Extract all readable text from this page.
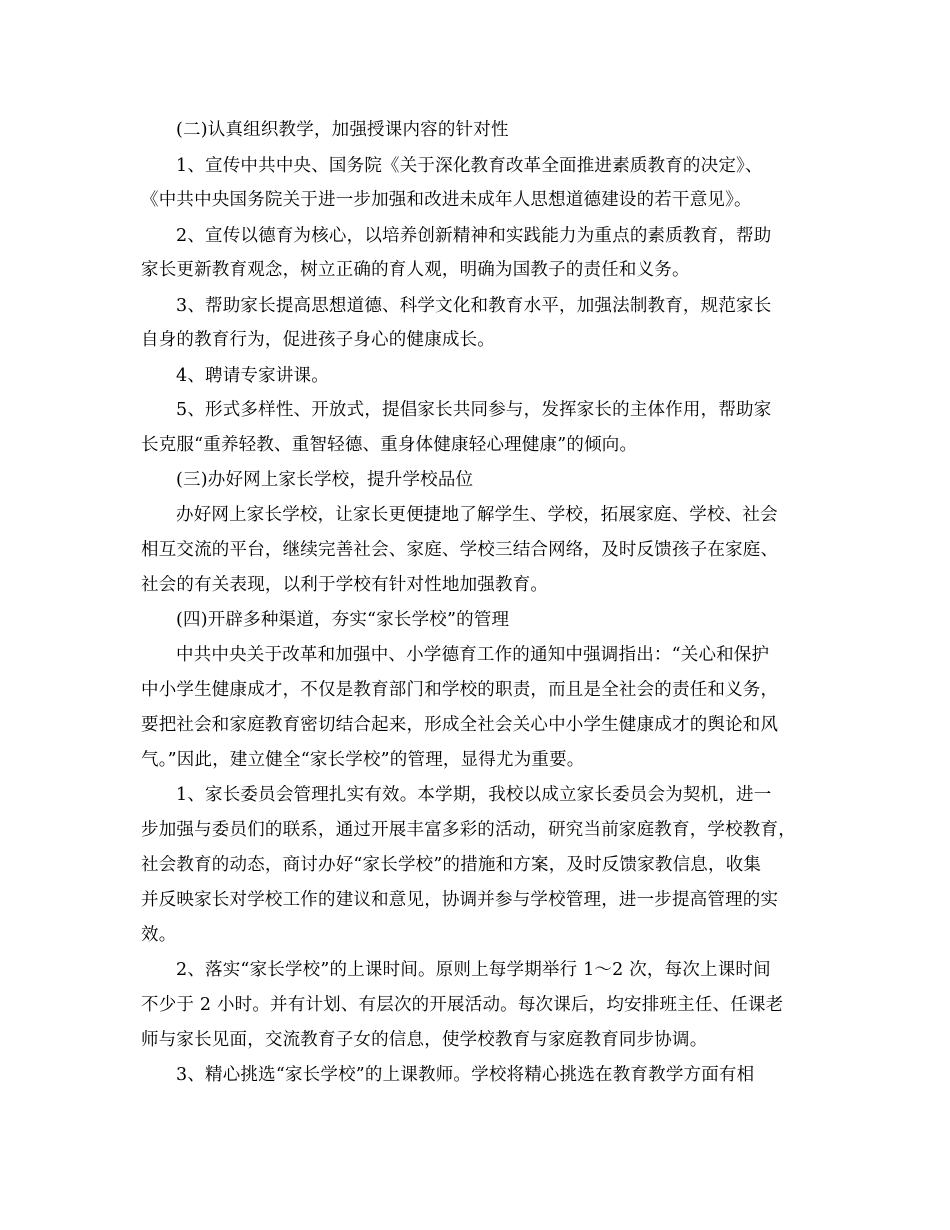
(二)认真组织教学，加强授课内容的针对性
1、宣传中共中央、国务院《关于深化教育改革全面推进素质教育的决定》、
《中共中央国务院关于进一步加强和改进未成年人思想道德建设的若干意见》。
2、宣传以德育为核心，以培养创新精神和实践能力为重点的素质教育，帮助
家长更新教育观念，树立正确的育人观，明确为国教子的责任和义务。
3、帮助家长提高思想道德、科学文化和教育水平，加强法制教育，规范家长
自身的教育行为，促进孩子身心的健康成长。
4、聘请专家讲课。
5、形式多样性、开放式，提倡家长共同参与，发挥家长的主体作用，帮助家
长克服“重养轻教、重智轻德、重身体健康轻心理健康”的倾向。
(三)办好网上家长学校，提升学校品位
办好网上家长学校，让家长更便捷地了解学生、学校，拓展家庭、学校、社会
相互交流的平台，继续完善社会、家庭、学校三结合网络，及时反馈孩子在家庭、
社会的有关表现，以利于学校有针对性地加强教育。
(四)开辟多种渠道，夯实“家长学校”的管理
中共中央关于改革和加强中、小学德育工作的通知中强调指出：“关心和保护
中小学生健康成才，不仅是教育部门和学校的职责，而且是全社会的责任和义务，
要把社会和家庭教育密切结合起来，形成全社会关心中小学生健康成才的舆论和风
气。”因此，建立健全“家长学校”的管理，显得尤为重要。
1、家长委员会管理扎实有效。本学期，我校以成立家长委员会为契机，进一
步加强与委员们的联系，通过开展丰富多彩的活动，研究当前家庭教育，学校教育，
社会教育的动态，商讨办好“家长学校”的措施和方案，及时反馈家教信息，收集
并反映家长对学校工作的建议和意见，协调并参与学校管理，进一步提高管理的实
效。
2、落实“家长学校”的上课时间。原则上每学期举行 1～2 次，每次上课时间
不少于 2 小时。并有计划、有层次的开展活动。每次课后，均安排班主任、任课老
师与家长见面，交流教育子女的信息，使学校教育与家庭教育同步协调。
3、精心挑选“家长学校”的上课教师。学校将精心挑选在教育教学方面有相
